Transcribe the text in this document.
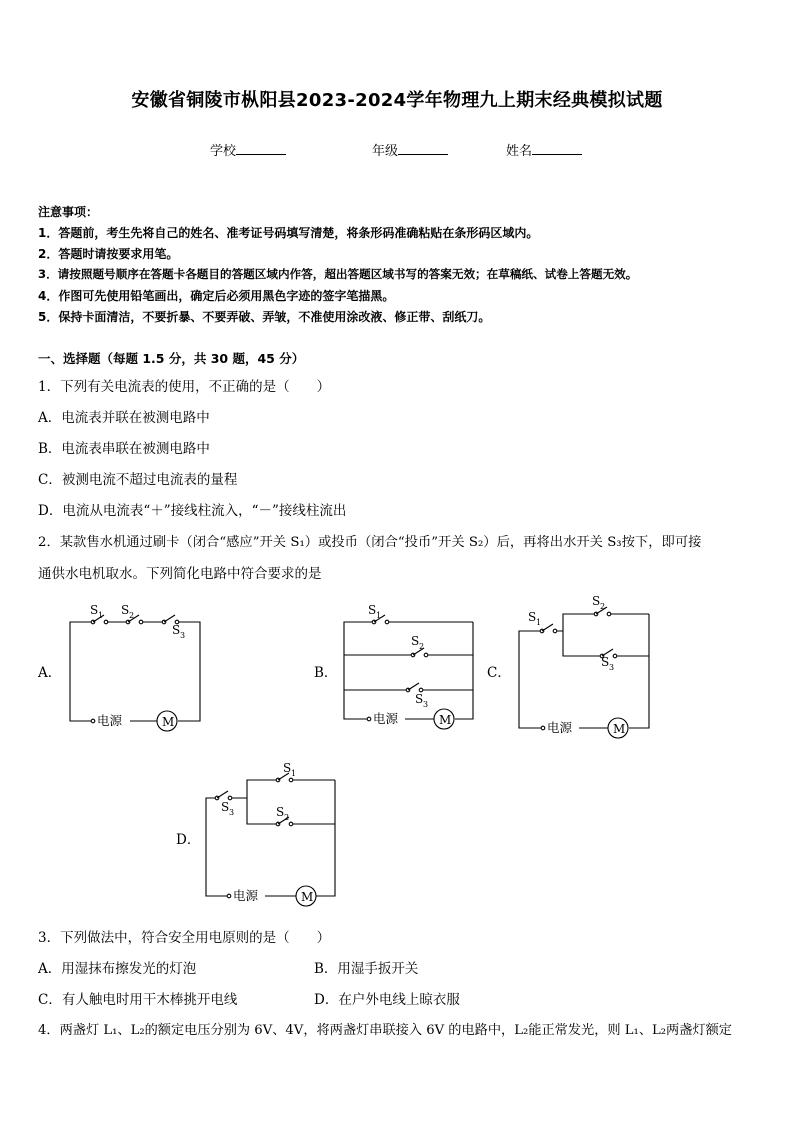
安徽省铜陵市枞阳县2023-2024学年物理九上期末经典模拟试题
学校	年级	姓名
注意事项：
1．答题前，考生先将自己的姓名、准考证号码填写清楚，将条形码准确粘贴在条形码区域内。
2．答题时请按要求用笔。
3．请按照题号顺序在答题卡各题目的答题区域内作答，超出答题区域书写的答案无效；在草稿纸、试卷上答题无效。
4．作图可先使用铅笔画出，确定后必须用黑色字迹的签字笔描黑。
5．保持卡面清洁，不要折暴、不要弄破、弄皱，不准使用涂改液、修正带、刮纸刀。
一、选择题（每题 1.5 分，共 30 题，45 分）
1．下列有关电流表的使用，不正确的是（　　）
A．电流表并联在被测电路中
B．电流表串联在被测电路中
C．被测电流不超过电流表的量程
D．电流从电流表“＋”接线柱流入，“－”接线柱流出
2．某款售水机通过刷卡（闭合“感应”开关 S₁）或投币（闭合“投币”开关 S₂）后，再将出水开关 S₃按下，即可接
通供水电机取水。下列简化电路中符合要求的是
A．	B．	C．
D．
S 1 S 2
S 3
电源	M
S 1
S 2
S 3
电源	M
S 1
S 2
S 3
电源	M
S 1
S 2
S 3
电源	M
3．下列做法中，符合安全用电原则的是（　　）
A．用湿抹布擦发光的灯泡	B．用湿手扳开关
C．有人触电时用干木棒挑开电线	D．在户外电线上晾衣服
4．两盏灯 L₁、L₂的额定电压分别为 6V、4V，将两盏灯串联接入 6V 的电路中，L₂能正常发光，则 L₁、L₂两盏灯额定
